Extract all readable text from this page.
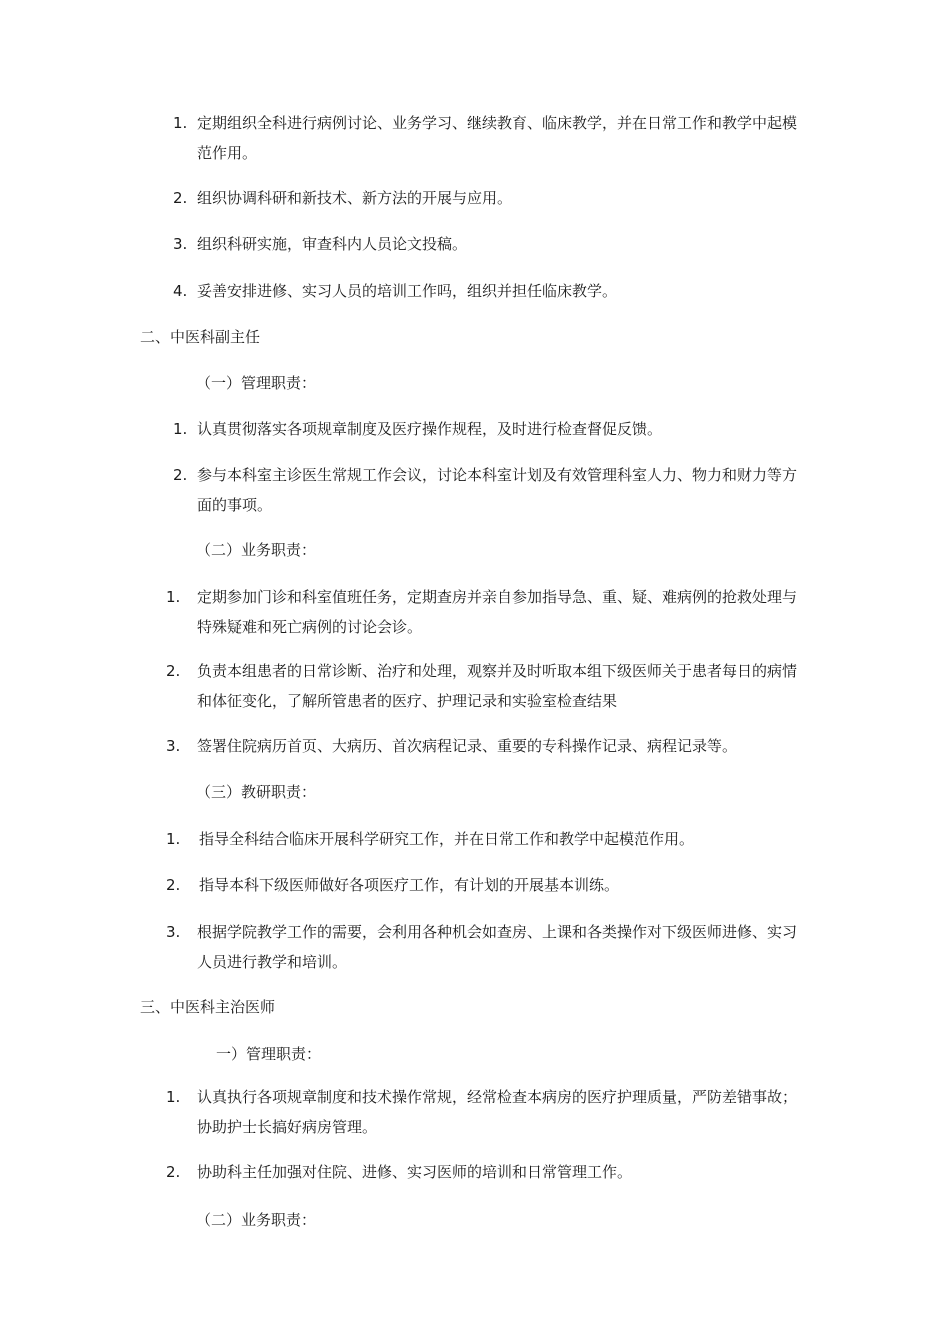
1. 定期组织全科进行病例讨论、业务学习、继续教育、临床教学，并在日常工作和教学中起模范作用。
2. 组织协调科研和新技术、新方法的开展与应用。
3. 组织科研实施，审查科内人员论文投稿。
4. 妥善安排进修、实习人员的培训工作吗，组织并担任临床教学。
二、中医科副主任
（一）管理职责：
1. 认真贯彻落实各项规章制度及医疗操作规程，及时进行检查督促反馈。
2. 参与本科室主诊医生常规工作会议，讨论本科室计划及有效管理科室人力、物力和财力等方面的事项。
（二）业务职责：
1. 定期参加门诊和科室值班任务，定期查房并亲自参加指导急、重、疑、难病例的抢救处理与特殊疑难和死亡病例的讨论会诊。
2. 负责本组患者的日常诊断、治疗和处理，观察并及时听取本组下级医师关于患者每日的病情和体征变化，了解所管患者的医疗、护理记录和实验室检查结果
3. 签署住院病历首页、大病历、首次病程记录、重要的专科操作记录、病程记录等。
（三）教研职责：
1. 指导全科结合临床开展科学研究工作，并在日常工作和教学中起模范作用。
2. 指导本科下级医师做好各项医疗工作，有计划的开展基本训练。
3. 根据学院教学工作的需要，会利用各种机会如查房、上课和各类操作对下级医师进修、实习人员进行教学和培训。
三、中医科主治医师
一）管理职责：
1. 认真执行各项规章制度和技术操作常规，经常检查本病房的医疗护理质量，严防差错事故；协助护士长搞好病房管理。
2. 协助科主任加强对住院、进修、实习医师的培训和日常管理工作。
（二）业务职责：
